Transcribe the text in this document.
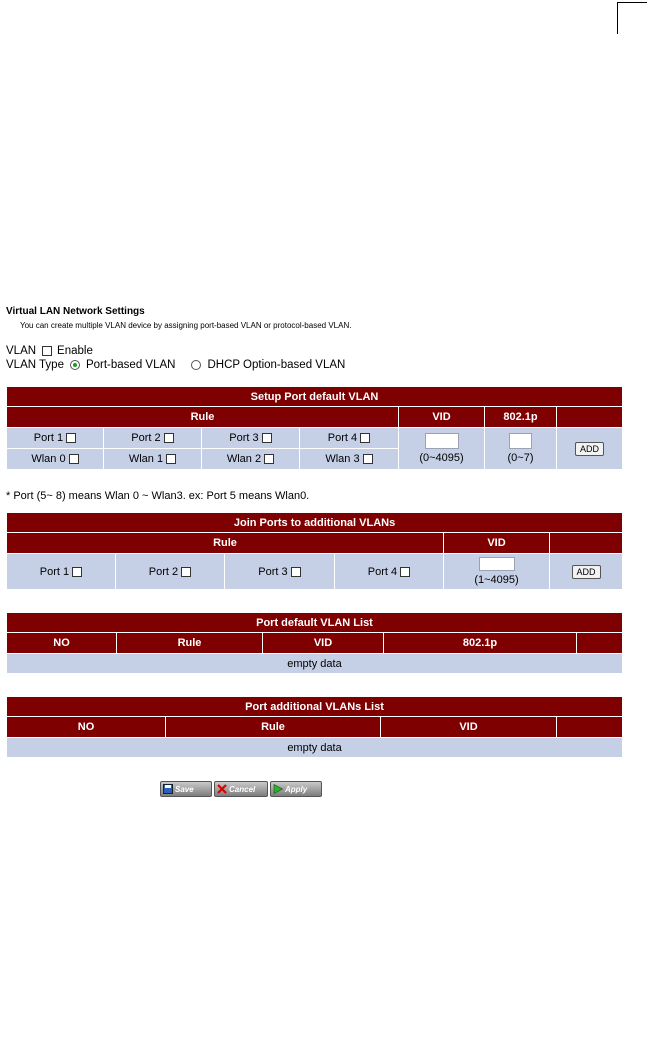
Virtual LAN Network Settings
You can create multiple VLAN device by assigning port-based VLAN or protocol-based VLAN.
VLAN Enable
VLAN Type Port-based VLAN	DHCP Option-based VLAN
Setup Port default VLAN						
Rule				VID	802.1p	
Port 1	Port 2	Port 3	Port 4	(0~4095)	(0~7)	ADD
Wlan 0	Wlan 1	Wlan 2	Wlan 3			
* Port (5~ 8) means Wlan 0 ~ Wlan3. ex: Port 5 means Wlan0.
Join Ports to additional VLANs					
Rule				VID	
Port 1	Port 2	Port 3	Port 4	(1~4095)	ADD
Port default VLAN List
NO	Rule	VID	802.1p	
empty data
Port additional VLANs List
NO	Rule	VID	
empty data
Save	Cancel	Apply
